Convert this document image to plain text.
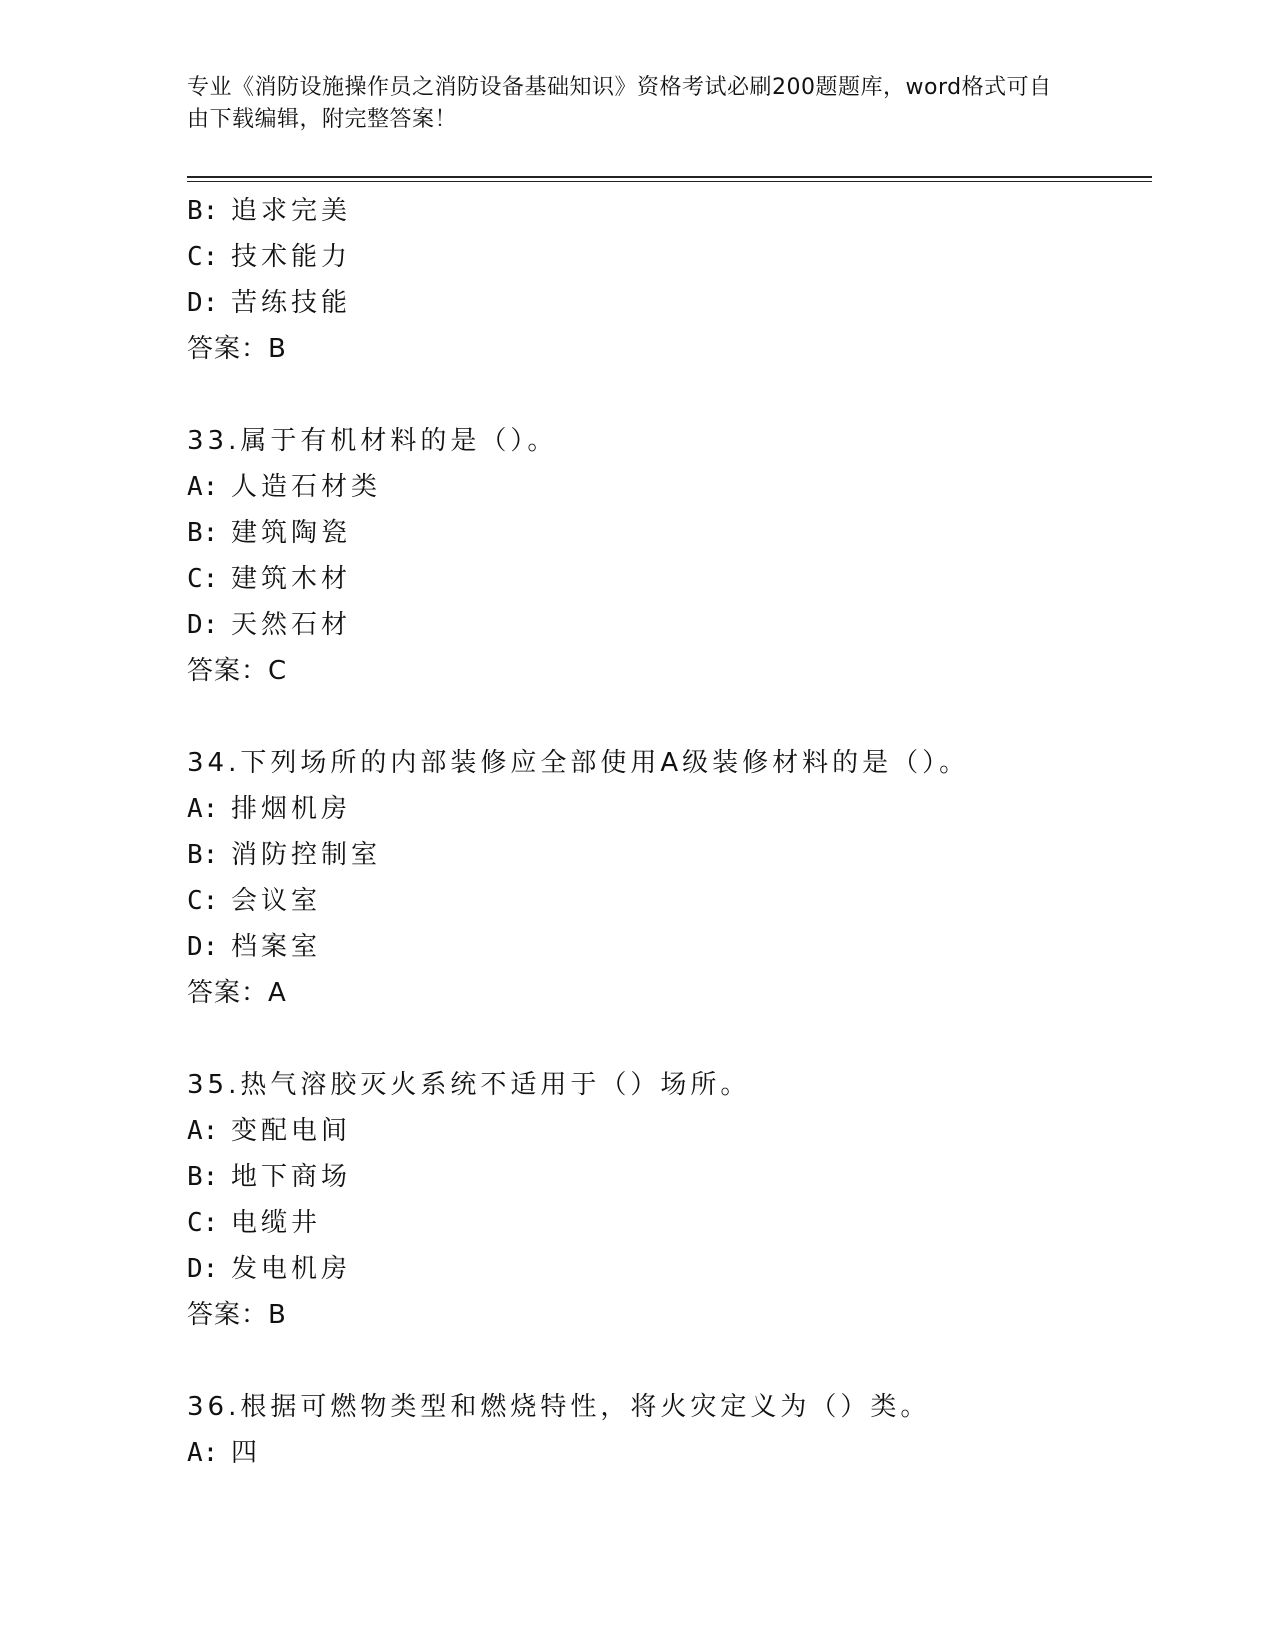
专业《消防设施操作员之消防设备基础知识》资格考试必刷200题题库，word格式可自由下载编辑，附完整答案！
B: 追求完美
C: 技术能力
D: 苦练技能
答案：B
33.属于有机材料的是（）。
A: 人造石材类
B: 建筑陶瓷
C: 建筑木材
D: 天然石材
答案：C
34.下列场所的内部装修应全部使用A级装修材料的是（）。
A: 排烟机房
B: 消防控制室
C: 会议室
D: 档案室
答案：A
35.热气溶胶灭火系统不适用于（）场所。
A: 变配电间
B: 地下商场
C: 电缆井
D: 发电机房
答案：B
36.根据可燃物类型和燃烧特性，将火灾定义为（）类。
A: 四
